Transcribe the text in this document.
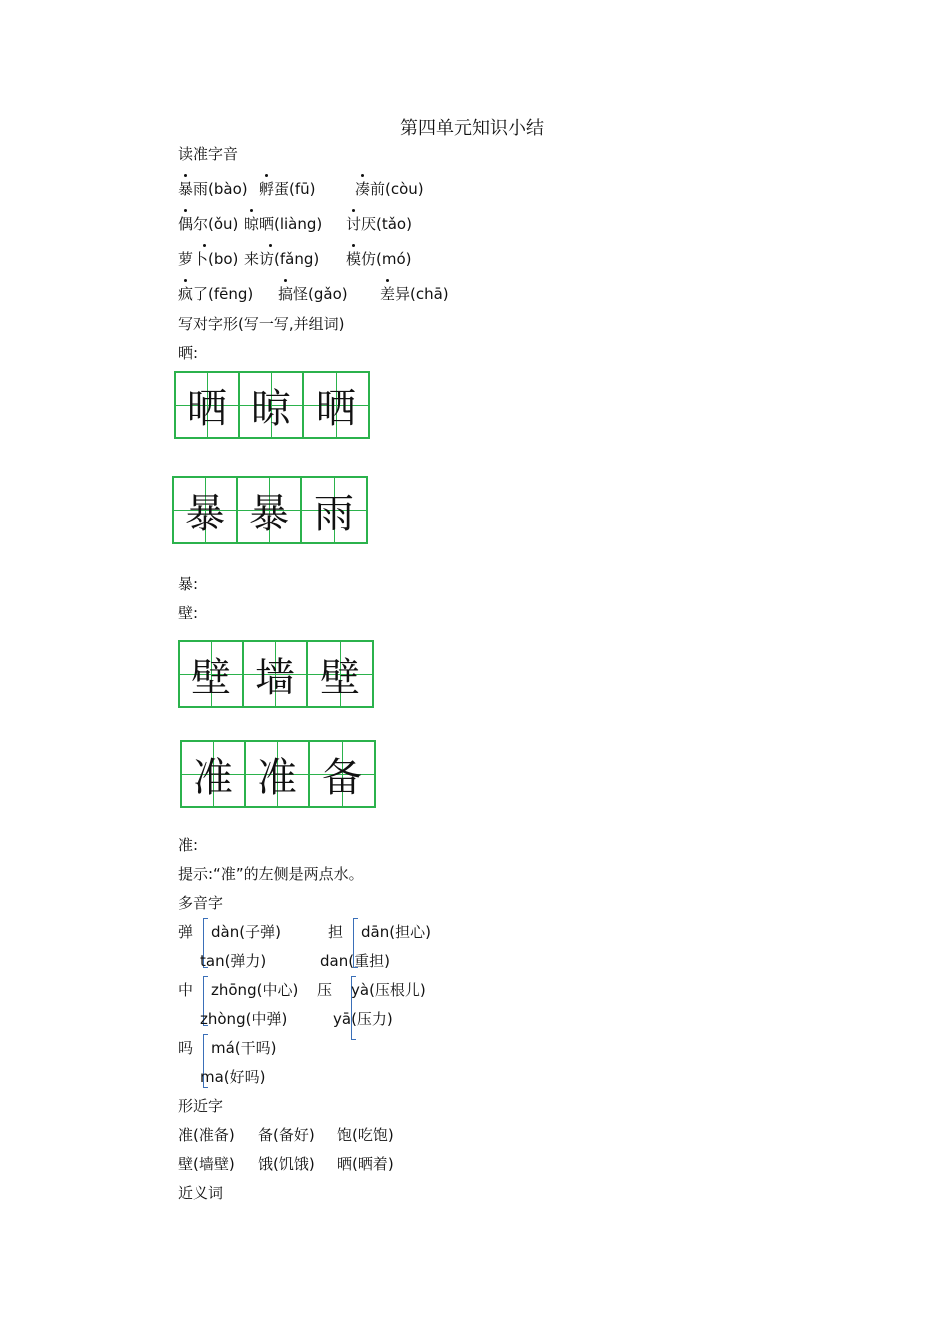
第四单元知识小结
读准字音
暴雨(bào) 孵蛋(fū)	凑前(còu)
偶尔(ǒu) 晾晒(liàng) 讨厌(tǎo)
萝卜(bo) 来访(fǎng) 模仿(mó)
疯了(fēng) 搞怪(gǎo) 差异(chā)
写对字形(写一写,并组词)
晒:
晒 晾 晒
暴 暴 雨
暴:
壁:
壁 墙 壁
准 准 备
准:
提示:“准”的左侧是两点水。
多音字
弹 dàn(子弹)
tan(弹力)
担 dān(担心)
dan(重担)
中 zhōng(中心)
zhòng(中弹)
压 yà(压根儿)
yā(压力)
吗 má(干吗)
ma(好吗)
形近字
准(准备) 备(备好) 饱(吃饱)
壁(墙壁) 饿(饥饿) 晒(晒着)
近义词
